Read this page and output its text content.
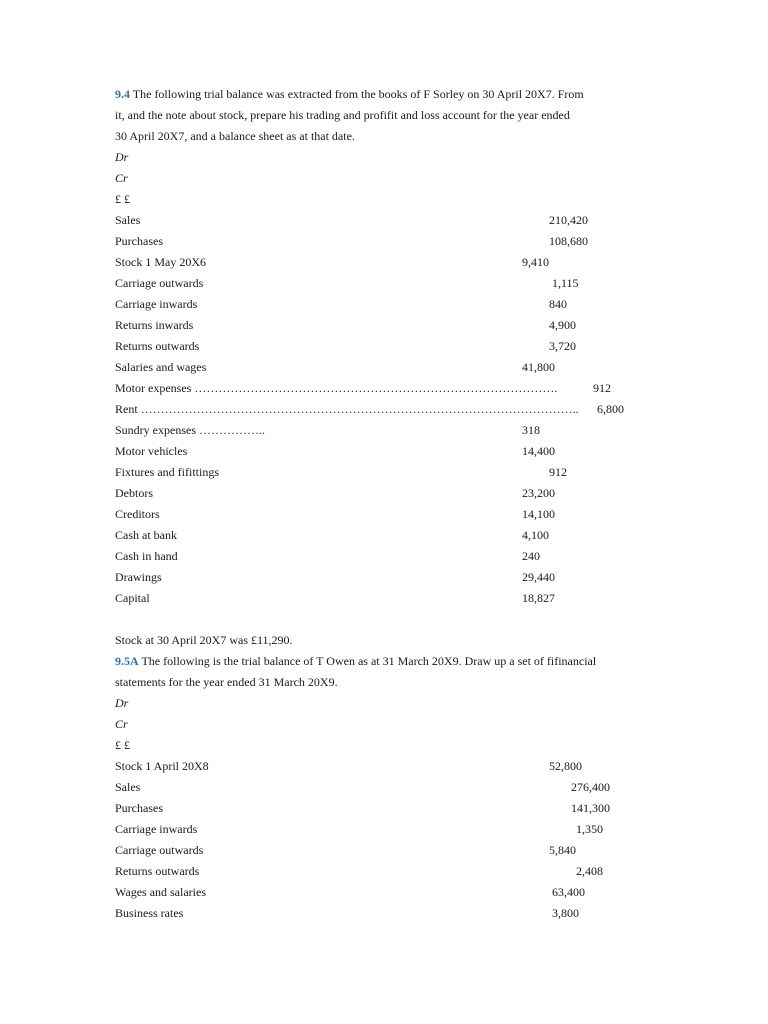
9.4 The following trial balance was extracted from the books of F Sorley on 30 April 20X7. From
it, and the note about stock, prepare his trading and profifit and loss account for the year ended
30 April 20X7, and a balance sheet as at that date.
Dr
Cr
£ £
Sales	210,420
Purchases	108,680
Stock 1 May 20X6	9,410
Carriage outwards	1,115
Carriage inwards	840
Returns inwards	4,900
Returns outwards	3,720
Salaries and wages	41,800
Motor expenses ……………………………………………………………………………….	912
Rent ……………………………………………………………………………………………….. 6,800
Sundry expenses ……………..	318
Motor vehicles	14,400
Fixtures and fifittings	912
Debtors	23,200
Creditors	14,100
Cash at bank	4,100
Cash in hand	240
Drawings	29,440
Capital	18,827
Stock at 30 April 20X7 was £11,290.
9.5A The following is the trial balance of T Owen as at 31 March 20X9. Draw up a set of fifinancial
statements for the year ended 31 March 20X9.
Dr
Cr
£ £
Stock 1 April 20X8	52,800
Sales	276,400
Purchases	141,300
Carriage inwards	1,350
Carriage outwards	5,840
Returns outwards	2,408
Wages and salaries	63,400
Business rates	3,800
